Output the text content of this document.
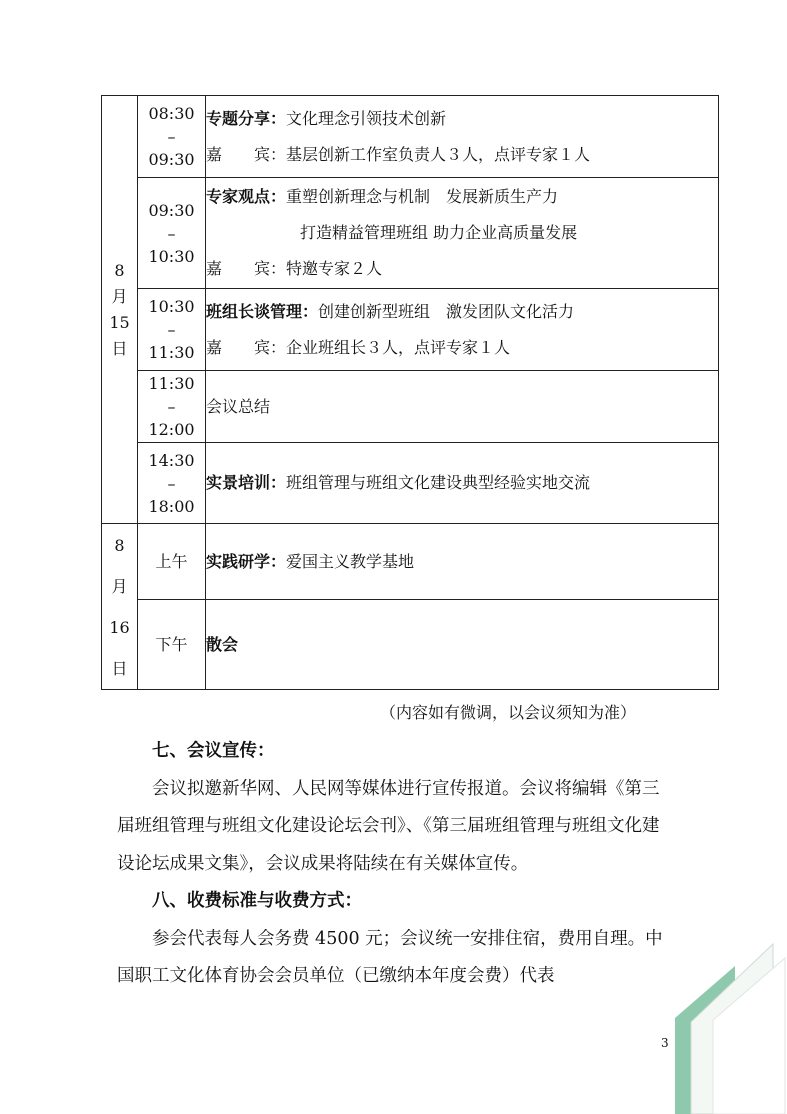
8
月
15
日	08:30
–
09:30	专题分享：文化理念引领技术创新
嘉　　宾：基层创新工作室负责人３人，点评专家１人

	09:30
–
10:30	专家观点：重塑创新理念与机制　发展新质生产力
打造精益管理班组 助力企业高质量发展
嘉　　宾：特邀专家２人

	10:30
–
11:30	班组长谈管理：创建创新型班组　激发团队文化活力
嘉　　宾：企业班组长３人，点评专家１人

	11:30
–
12:00	会议总结

	14:30
–
18:00	实景培训：班组管理与班组文化建设典型经验实地交流

8
月
16
日	上午	实践研学：爱国主义教学基地

	下午	散会
（内容如有微调，以会议须知为准）

七、会议宣传：

会议拟邀新华网、人民网等媒体进行宣传报道。会议将编辑《第三届班组管理与班组文化建设论坛会刊》、《第三届班组管理与班组文化建设论坛成果文集》，会议成果将陆续在有关媒体宣传。

八、收费标准与收费方式：

参会代表每人会务费 4500 元；会议统一安排住宿，费用自理。中国职工文化体育协会会员单位（已缴纳本年度会费）代表

3
